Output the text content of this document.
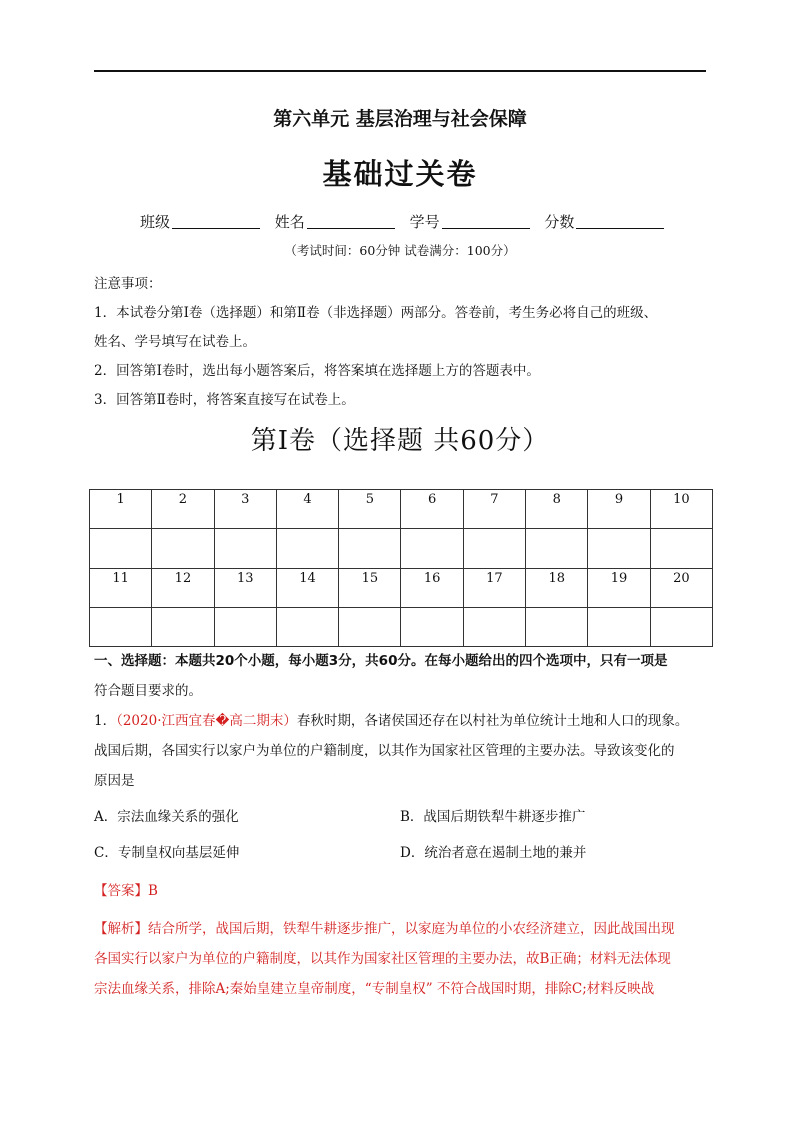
第六单元 基层治理与社会保障
基础过关卷
班级	姓名	学号	分数
（考试时间：60分钟 试卷满分：100分）

注意事项：

1．本试卷分第Ⅰ卷（选择题）和第Ⅱ卷（非选择题）两部分。答卷前，考生务必将自己的班级、

姓名、学号填写在试卷上。

2．回答第Ⅰ卷时，选出每小题答案后，将答案填在选择题上方的答题表中。

3．回答第Ⅱ卷时，将答案直接写在试卷上。

第Ⅰ卷（选择题 共60分）
1	2	3	4	5	6	7	8	9	10

11	12	13	14	15	16	17	18	19	20

一、选择题：本题共20个小题，每小题3分，共60分。在每小题给出的四个选项中，只有一项是

符合题目要求的。

1．（2020·江西宜春�高二期末）春秋时期，各诸侯国还存在以村社为单位统计土地和人口的现象。

战国后期，各国实行以家户为单位的户籍制度，以其作为国家社区管理的主要办法。导致该变化的

原因是

A．宗法血缘关系的强化	B．战国后期铁犁牛耕逐步推广
C．专制皇权向基层延伸	D．统治者意在遏制土地的兼并

【答案】B

【解析】结合所学，战国后期，铁犁牛耕逐步推广，以家庭为单位的小农经济建立，因此战国出现

各国实行以家户为单位的户籍制度，以其作为国家社区管理的主要办法，故B正确；材料无法体现

宗法血缘关系，排除A;秦始皇建立皇帝制度，“专制皇权” 不符合战国时期，排除C;材料反映战
